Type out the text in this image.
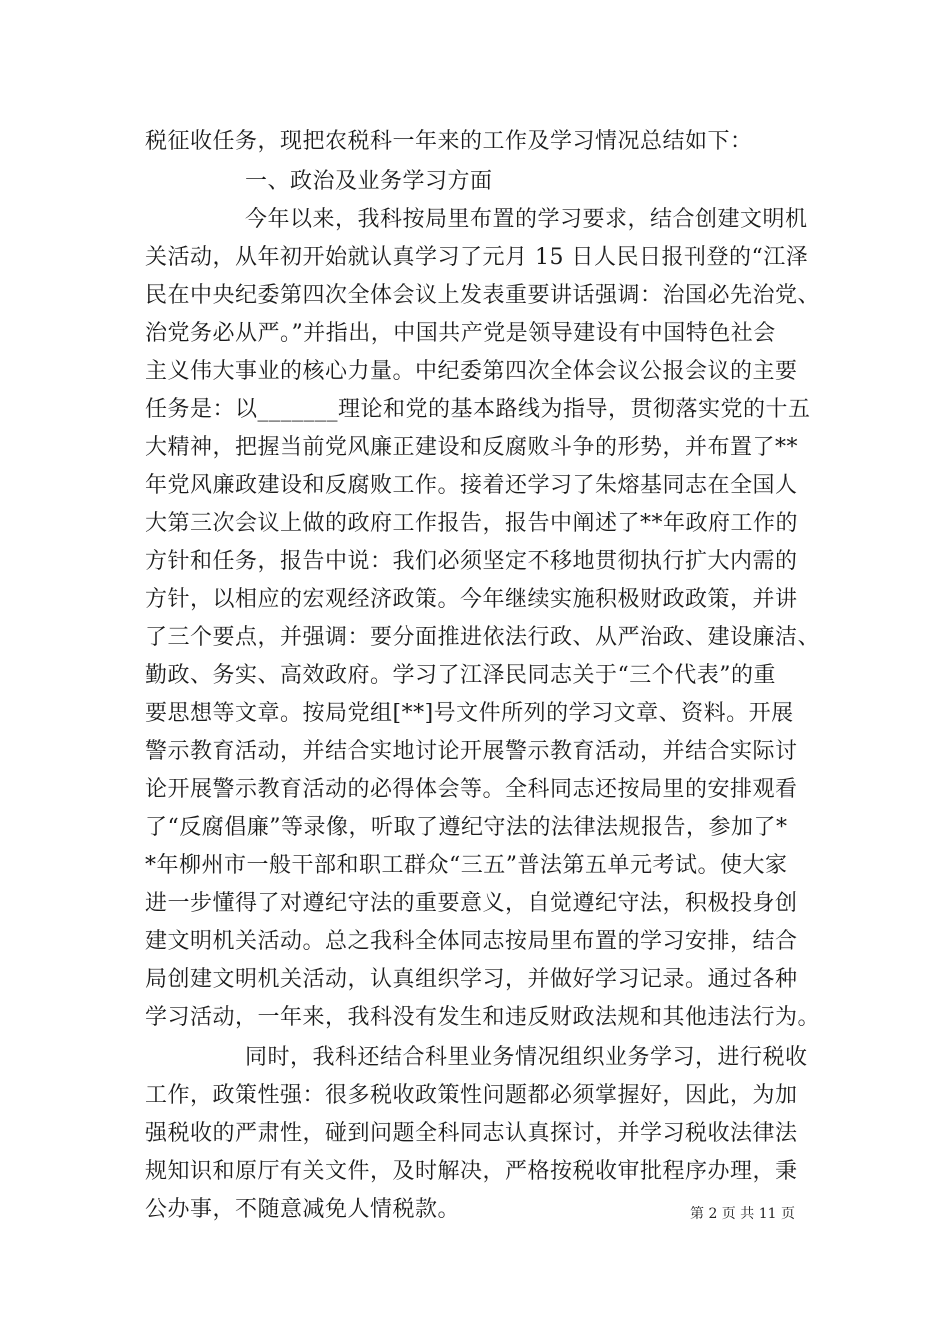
税征收任务，现把农税科一年来的工作及学习情况总结如下：
一、政治及业务学习方面
今年以来，我科按局里布置的学习要求，结合创建文明机
关活动，从年初开始就认真学习了元月 15 日人民日报刊登的“江泽
民在中央纪委第四次全体会议上发表重要讲话强调：治国必先治党、
治党务必从严。”并指出，中国共产党是领导建设有中国特色社会
主义伟大事业的核心力量。中纪委第四次全体会议公报会议的主要
任务是：以_______理论和党的基本路线为指导，贯彻落实党的十五
大精神，把握当前党风廉正建设和反腐败斗争的形势，并布置了**
年党风廉政建设和反腐败工作。接着还学习了朱熔基同志在全国人
大第三次会议上做的政府工作报告，报告中阐述了**年政府工作的
方针和任务，报告中说：我们必须坚定不移地贯彻执行扩大内需的
方针，以相应的宏观经济政策。今年继续实施积极财政政策，并讲
了三个要点，并强调：要分面推进依法行政、从严治政、建设廉洁、
勤政、务实、高效政府。学习了江泽民同志关于“三个代表”的重
要思想等文章。按局党组[**]号文件所列的学习文章、资料。开展
警示教育活动，并结合实地讨论开展警示教育活动，并结合实际讨
论开展警示教育活动的必得体会等。全科同志还按局里的安排观看
了“反腐倡廉”等录像，听取了遵纪守法的法律法规报告，参加了*
*年柳州市一般干部和职工群众“三五”普法第五单元考试。使大家
进一步懂得了对遵纪守法的重要意义，自觉遵纪守法，积极投身创
建文明机关活动。总之我科全体同志按局里布置的学习安排，结合
局创建文明机关活动，认真组织学习，并做好学习记录。通过各种
学习活动，一年来，我科没有发生和违反财政法规和其他违法行为。
同时，我科还结合科里业务情况组织业务学习，进行税收
工作，政策性强：很多税收政策性问题都必须掌握好，因此，为加
强税收的严肃性，碰到问题全科同志认真探讨，并学习税收法律法
规知识和原厅有关文件，及时解决，严格按税收审批程序办理，秉
公办事，不随意减免人情税款。	第 2 页 共 11 页
